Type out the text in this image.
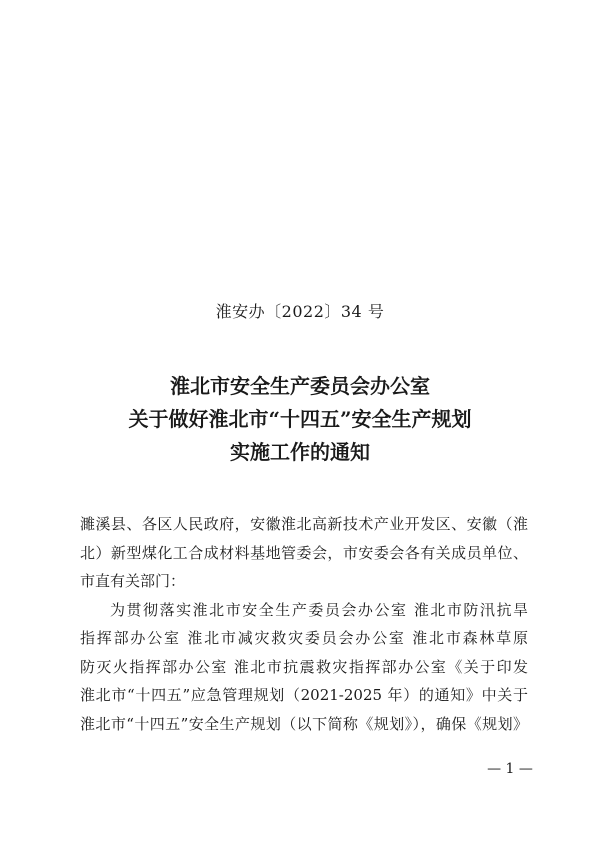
淮安办〔2022〕34 号
淮北市安全生产委员会办公室
关于做好淮北市“十四五”安全生产规划
实施工作的通知

濉溪县、各区人民政府，安徽淮北高新技术产业开发区、安徽（淮
北）新型煤化工合成材料基地管委会，市安委会各有关成员单位、
市直有关部门：

为贯彻落实淮北市安全生产委员会办公室 淮北市防汛抗旱
指挥部办公室 淮北市减灾救灾委员会办公室 淮北市森林草原
防灭火指挥部办公室 淮北市抗震救灾指挥部办公室《关于印发
淮北市“十四五”应急管理规划（2021-2025 年）的通知》中关于
淮北市“十四五”安全生产规划（以下简称《规划》），确保《规划》

— 1 —
